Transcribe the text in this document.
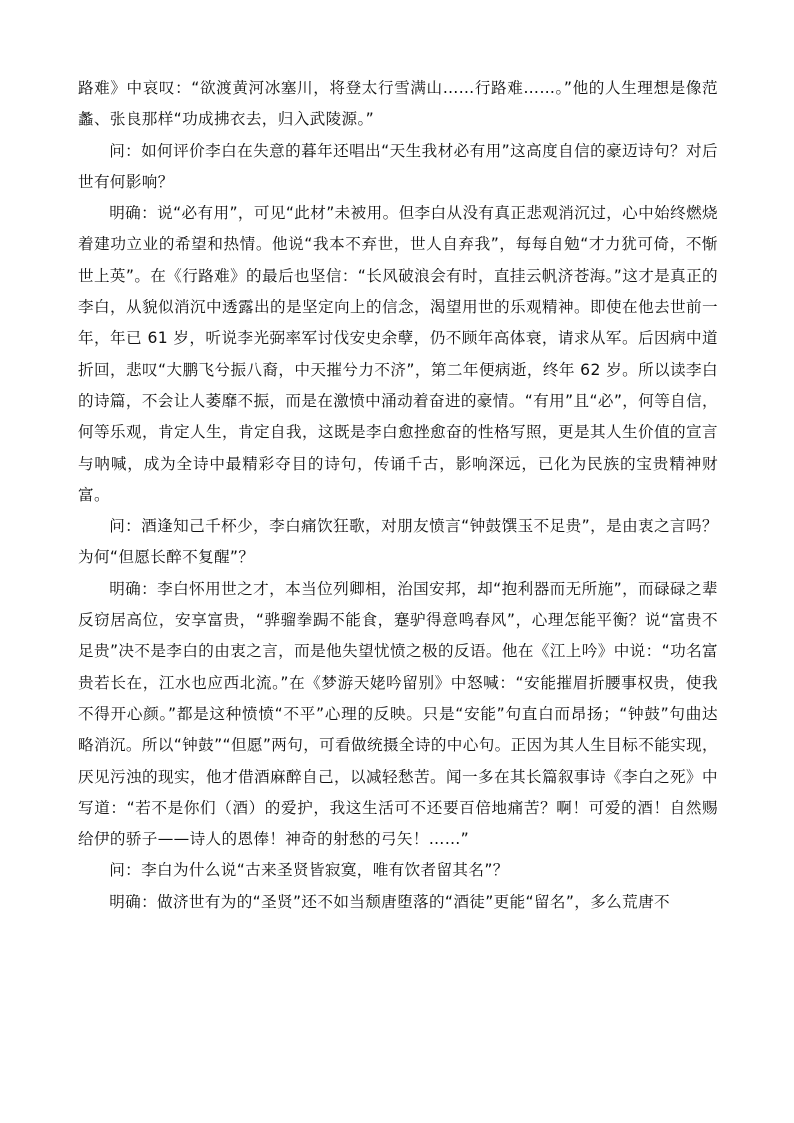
路难》中哀叹：“欲渡黄河冰塞川，将登太行雪满山……行路难……。”他的人生理想是像范蠡、张良那样“功成拂衣去，归入武陵源。”

问：如何评价李白在失意的暮年还唱出“天生我材必有用”这高度自信的豪迈诗句？对后世有何影响？

明确：说“必有用”，可见“此材”未被用。但李白从没有真正悲观消沉过，心中始终燃烧着建功立业的希望和热情。他说“我本不弃世，世人自弃我”，每每自勉“才力犹可倚，不惭世上英”。在《行路难》的最后也坚信：“长风破浪会有时，直挂云帆济苍海。”这才是真正的李白，从貌似消沉中透露出的是坚定向上的信念，渴望用世的乐观精神。即使在他去世前一年，年已 61 岁，听说李光弼率军讨伐安史余孽，仍不顾年高体衰，请求从军。后因病中道折回，悲叹“大鹏飞兮振八裔，中天摧兮力不济”，第二年便病逝，终年 62 岁。所以读李白的诗篇，不会让人萎靡不振，而是在激愤中涌动着奋进的豪情。“有用”且“必”，何等自信，何等乐观，肯定人生，肯定自我，这既是李白愈挫愈奋的性格写照，更是其人生价值的宣言与呐喊，成为全诗中最精彩夺目的诗句，传诵千古，影响深远，已化为民族的宝贵精神财富。

问：酒逢知己千杯少，李白痛饮狂歌，对朋友愤言“钟鼓馔玉不足贵”，是由衷之言吗？为何“但愿长醉不复醒”？

明确：李白怀用世之才，本当位列卿相，治国安邦，却“抱利器而无所施”，而碌碌之辈反窃居高位，安享富贵，“骅骝拳跼不能食，蹇驴得意鸣春风”，心理怎能平衡？说“富贵不足贵”决不是李白的由衷之言，而是他失望忧愤之极的反语。他在《江上吟》中说：“功名富贵若长在，江水也应西北流。”在《梦游天姥吟留别》中怒喊：“安能摧眉折腰事权贵，使我不得开心颜。”都是这种愤愤“不平”心理的反映。只是“安能”句直白而昂扬；“钟鼓”句曲达略消沉。所以“钟鼓”“但愿”两句，可看做统摄全诗的中心句。正因为其人生目标不能实现，厌见污浊的现实，他才借酒麻醉自己，以减轻愁苦。闻一多在其长篇叙事诗《李白之死》中写道：“若不是你们（酒）的爱护，我这生活可不还要百倍地痛苦？啊！可爱的酒！自然赐给伊的骄子——诗人的恩俸！神奇的射愁的弓矢！……”

问：李白为什么说“古来圣贤皆寂寞，唯有饮者留其名”？

明确：做济世有为的“圣贤”还不如当颓唐堕落的“酒徒”更能“留名”，多么荒唐不
